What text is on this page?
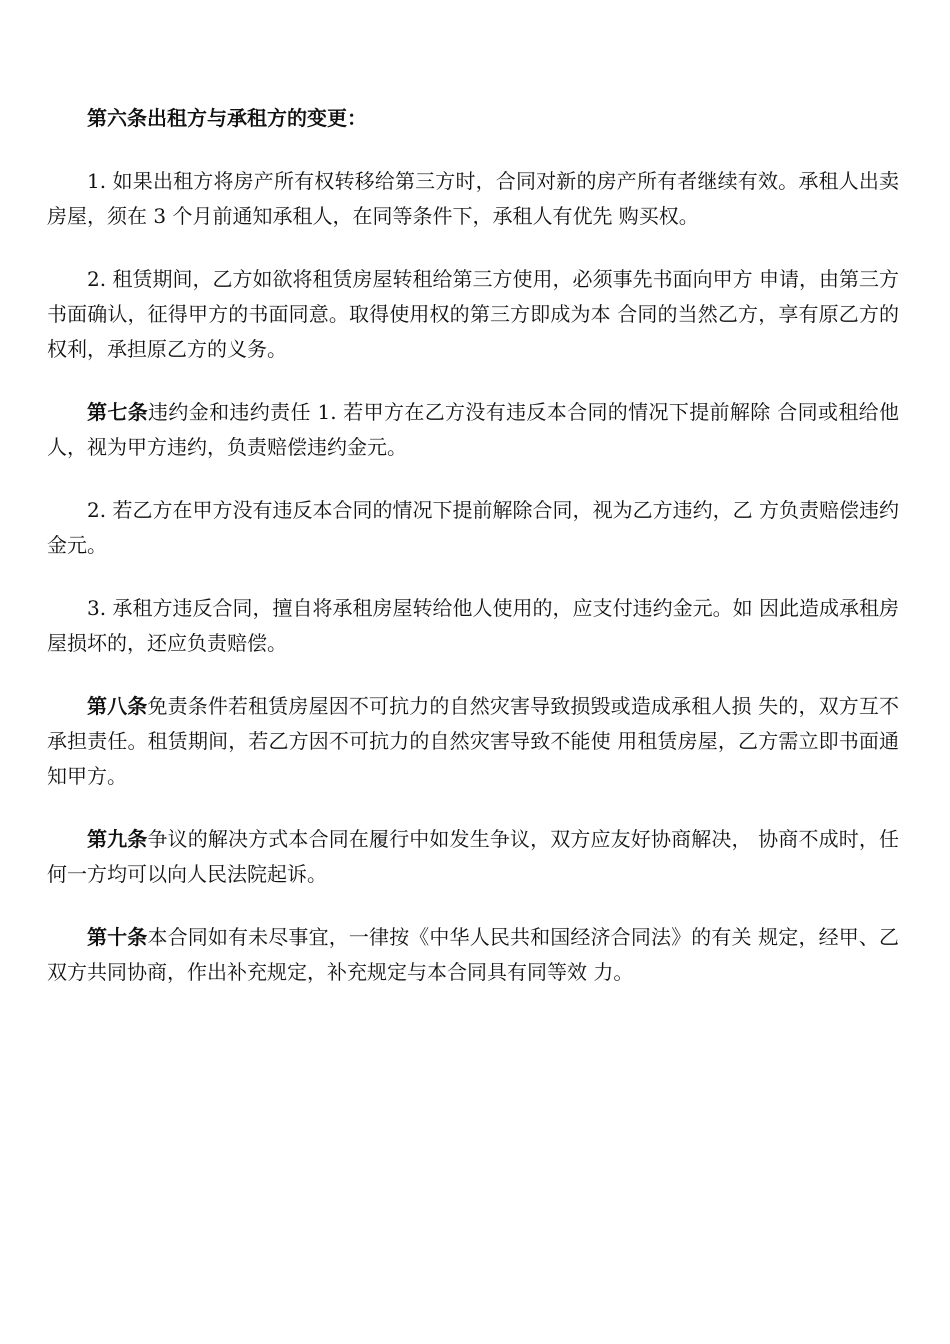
第六条出租方与承租方的变更：

1. 如果出租方将房产所有权转移给第三方时，合同对新的房产所有者继续有效。承租人出卖房屋，须在 3 个月前通知承租人，在同等条件下，承租人有优先 购买权。

2. 租赁期间，乙方如欲将租赁房屋转租给第三方使用，必须事先书面向甲方 申请，由第三方书面确认，征得甲方的书面同意。取得使用权的第三方即成为本 合同的当然乙方，享有原乙方的权利，承担原乙方的义务。

第七条违约金和违约责任 1. 若甲方在乙方没有违反本合同的情况下提前解除 合同或租给他人，视为甲方违约，负责赔偿违约金元。

2. 若乙方在甲方没有违反本合同的情况下提前解除合同，视为乙方违约，乙 方负责赔偿违约金元。

3. 承租方违反合同，擅自将承租房屋转给他人使用的，应支付违约金元。如 因此造成承租房屋损坏的，还应负责赔偿。

第八条免责条件若租赁房屋因不可抗力的自然灾害导致损毁或造成承租人损 失的，双方互不承担责任。租赁期间，若乙方因不可抗力的自然灾害导致不能使 用租赁房屋，乙方需立即书面通知甲方。

第九条争议的解决方式本合同在履行中如发生争议，双方应友好协商解决， 协商不成时，任何一方均可以向人民法院起诉。

第十条本合同如有未尽事宜，一律按《中华人民共和国经济合同法》的有关 规定，经甲、乙双方共同协商，作出补充规定，补充规定与本合同具有同等效 力。
